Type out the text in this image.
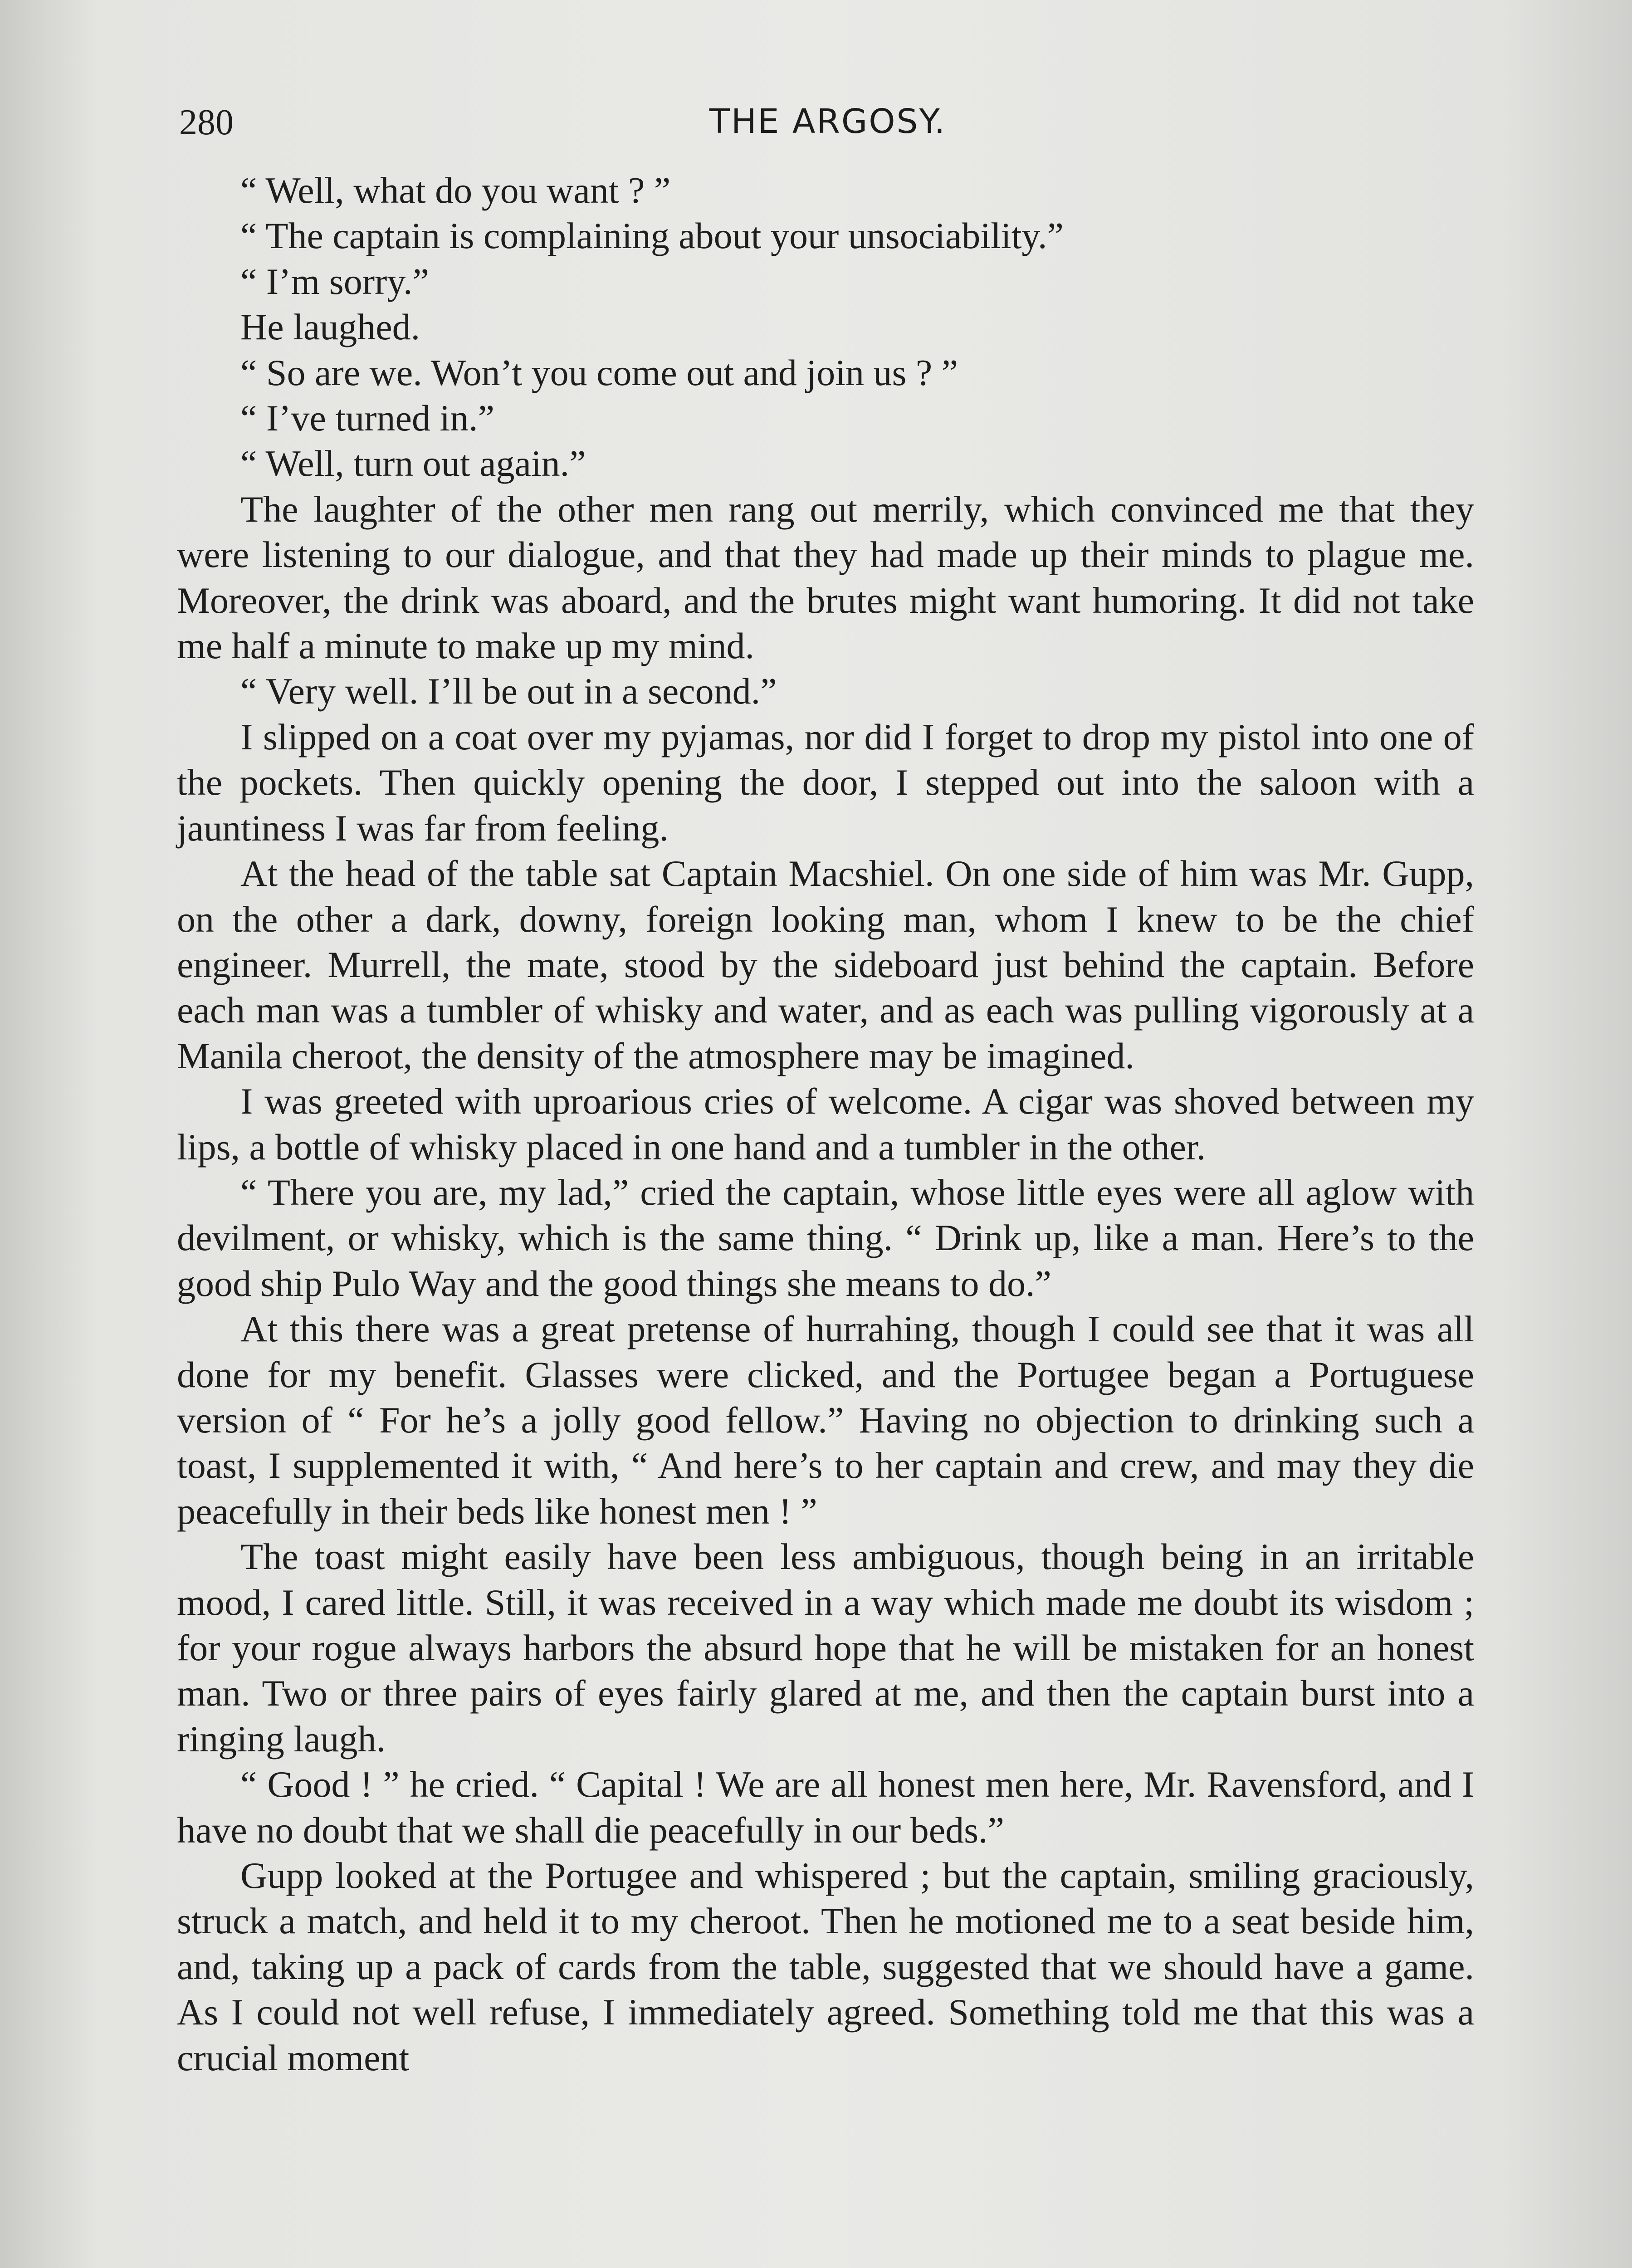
280	THE ARGOSY.

“ Well, what do you want ? ”

“ The captain is complaining about your unsociability.”

“ I’m sorry.”

He laughed.

“ So are we. Won’t you come out and join us ? ”

“ I’ve turned in.”

“ Well, turn out again.”

The laughter of the other men rang out merrily, which convinced me that they were listening to our dialogue, and that they had made up their minds to plague me. Moreover, the drink was aboard, and the brutes might want humoring. It did not take me half a minute to make up my mind.

“ Very well. I’ll be out in a second.”

I slipped on a coat over my pyjamas, nor did I forget to drop my pistol into one of the pockets. Then quickly opening the door, I stepped out into the saloon with a jauntiness I was far from feeling.

At the head of the table sat Captain Macshiel. On one side of him was Mr. Gupp, on the other a dark, downy, foreign looking man, whom I knew to be the chief engineer. Murrell, the mate, stood by the sideboard just behind the captain. Before each man was a tumbler of whisky and water, and as each was pulling vigorously at a Manila cheroot, the density of the atmosphere may be imagined.

I was greeted with uproarious cries of welcome. A cigar was shoved between my lips, a bottle of whisky placed in one hand and a tumbler in the other.

“ There you are, my lad,” cried the captain, whose little eyes were all aglow with devilment, or whisky, which is the same thing. “ Drink up, like a man. Here’s to the good ship Pulo Way and the good things she means to do.”

At this there was a great pretense of hurrahing, though I could see that it was all done for my benefit. Glasses were clicked, and the Portugee began a Portuguese version of “ For he’s a jolly good fellow.” Having no objection to drinking such a toast, I supplemented it with, “ And here’s to her captain and crew, and may they die peacefully in their beds like honest men ! ”

The toast might easily have been less ambiguous, though being in an irritable mood, I cared little. Still, it was received in a way which made me doubt its wisdom ; for your rogue always harbors the absurd hope that he will be mistaken for an honest man. Two or three pairs of eyes fairly glared at me, and then the captain burst into a ringing laugh.

“ Good ! ” he cried. “ Capital ! We are all honest men here, Mr. Ravensford, and I have no doubt that we shall die peacefully in our beds.”

Gupp looked at the Portugee and whispered ; but the captain, smiling graciously, struck a match, and held it to my cheroot. Then he motioned me to a seat beside him, and, taking up a pack of cards from the table, suggested that we should have a game. As I could not well refuse, I immediately agreed. Something told me that this was a crucial moment
